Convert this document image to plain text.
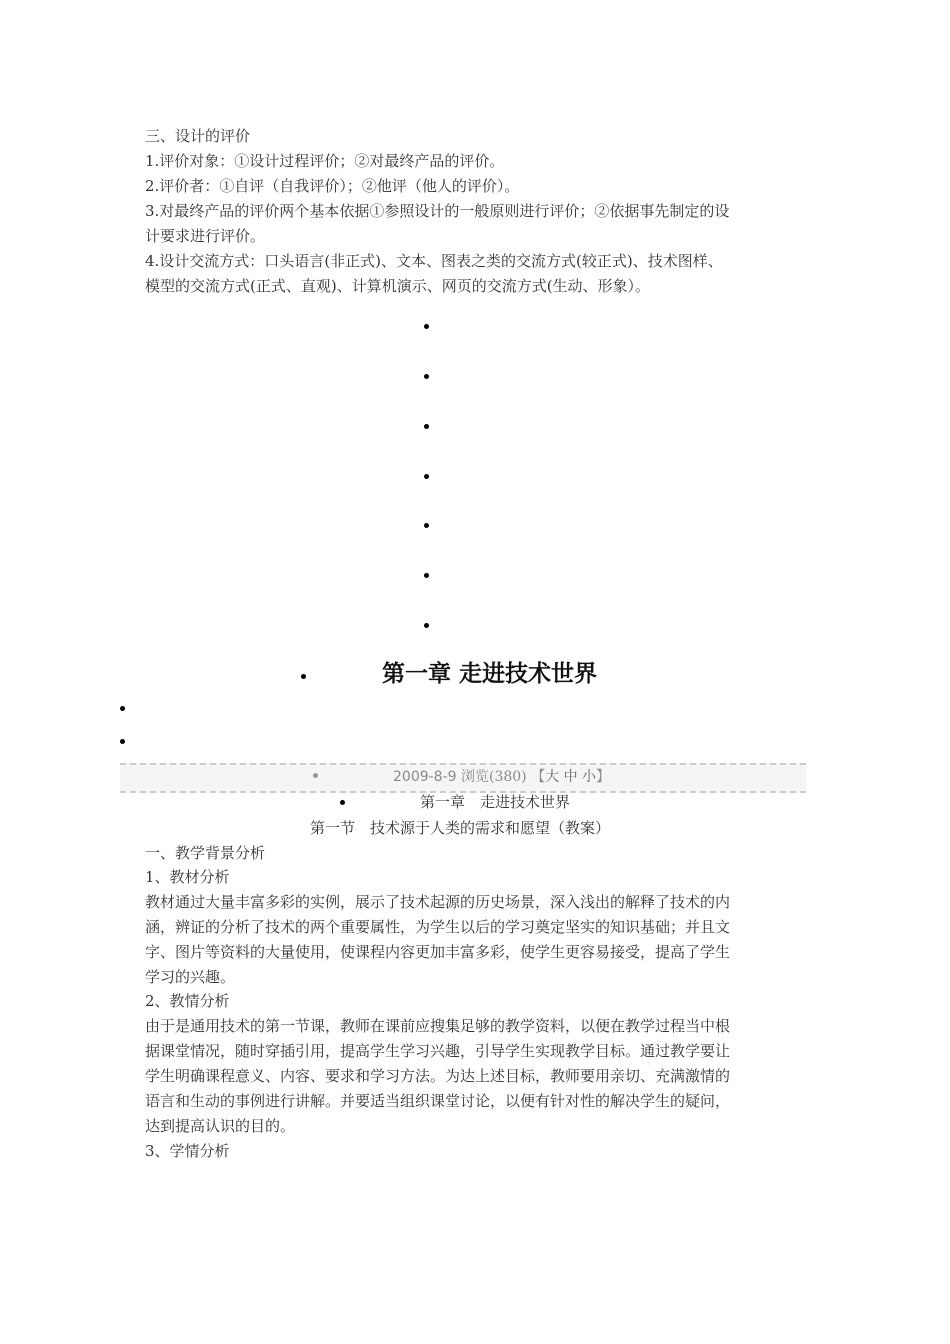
三、设计的评价
1.评价对象：①设计过程评价；②对最终产品的评价。
2.评价者：①自评（自我评价）；②他评（他人的评价）。
3.对最终产品的评价两个基本依据①参照设计的一般原则进行评价；②依据事先制定的设
计要求进行评价。
4.设计交流方式：口头语言(非正式)、文本、图表之类的交流方式(较正式)、技术图样、
模型的交流方式(正式、直观)、计算机演示、网页的交流方式(生动、形象）。
第一章 走进技术世界
2009-8-9 浏览(380) 【大 中 小】
第一章　走进技术世界
第一节　技术源于人类的需求和愿望（教案）
一、教学背景分析
1、教材分析
教材通过大量丰富多彩的实例，展示了技术起源的历史场景，深入浅出的解释了技术的内
涵，辨证的分析了技术的两个重要属性，为学生以后的学习奠定坚实的知识基础；并且文
字、图片等资料的大量使用，使课程内容更加丰富多彩，使学生更容易接受，提高了学生
学习的兴趣。
2、教情分析
由于是通用技术的第一节课，教师在课前应搜集足够的教学资料，以便在教学过程当中根
据课堂情况，随时穿插引用，提高学生学习兴趣，引导学生实现教学目标。通过教学要让
学生明确课程意义、内容、要求和学习方法。为达上述目标，教师要用亲切、充满激情的
语言和生动的事例进行讲解。并要适当组织课堂讨论，以便有针对性的解决学生的疑问，
达到提高认识的目的。
3、学情分析
